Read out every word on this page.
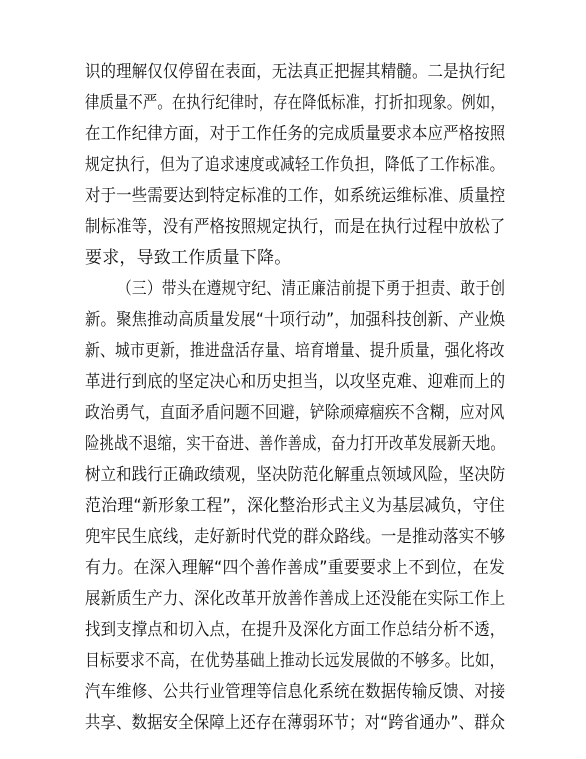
识的理解仅仅停留在表面，无法真正把握其精髓。二是执行纪
律质量不严。在执行纪律时，存在降低标准，打折扣现象。例如，
在工作纪律方面，对于工作任务的完成质量要求本应严格按照
规定执行，但为了追求速度或减轻工作负担，降低了工作标准。
对于一些需要达到特定标准的工作，如系统运维标准、质量控
制标准等，没有严格按照规定执行，而是在执行过程中放松了
要求，导致工作质量下降。
（三）带头在遵规守纪、清正廉洁前提下勇于担责、敢于创
新。聚焦推动高质量发展“十项行动”，加强科技创新、产业焕
新、城市更新，推进盘活存量、培育增量、提升质量，强化将改
革进行到底的坚定决心和历史担当，以攻坚克难、迎难而上的
政治勇气，直面矛盾问题不回避，铲除顽瘴痼疾不含糊，应对风
险挑战不退缩，实干奋进、善作善成，奋力打开改革发展新天地。
树立和践行正确政绩观，坚决防范化解重点领域风险，坚决防
范治理“新形象工程”，深化整治形式主义为基层减负，守住
兜牢民生底线，走好新时代党的群众路线。一是推动落实不够
有力。在深入理解“四个善作善成”重要要求上不到位，在发
展新质生产力、深化改革开放善作善成上还没能在实际工作上
找到支撑点和切入点，在提升及深化方面工作总结分析不透，
目标要求不高，在优势基础上推动长远发展做的不够多。比如，
汽车维修、公共行业管理等信息化系统在数据传输反馈、对接
共享、数据安全保障上还存在薄弱环节；对“跨省通办”、群众
